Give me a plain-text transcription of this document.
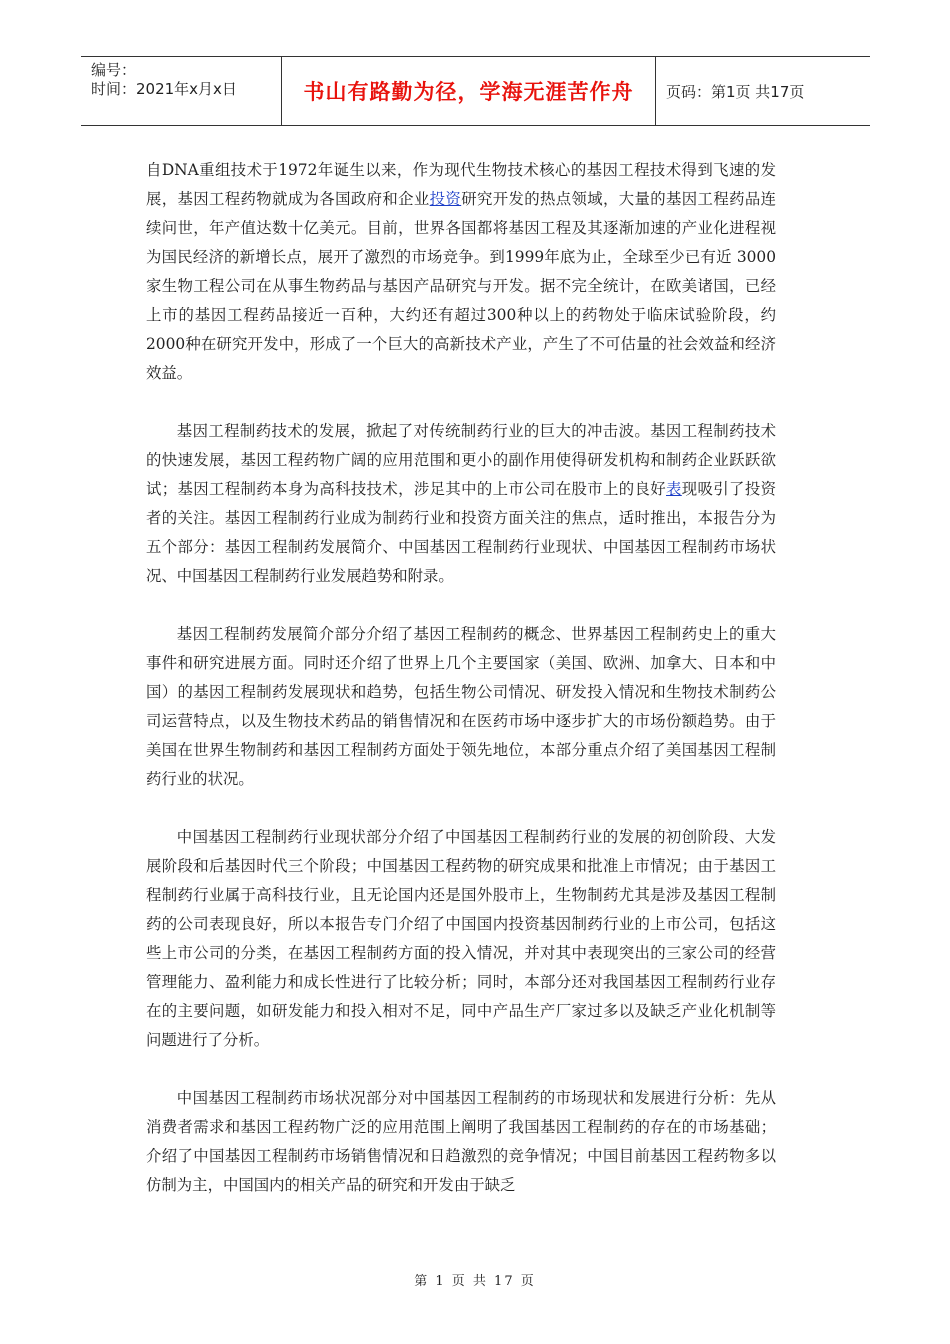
编号：
时间：2021年x月x日	书山有路勤为径，学海无涯苦作舟	页码：第1页 共17页

自DNA重组技术于1972年诞生以来，作为现代生物技术核心的基因工程技术得到飞速的发展，基因工程药物就成为各国政府和企业投资研究开发的热点领域，大量的基因工程药品连续问世，年产值达数十亿美元。目前，世界各国都将基因工程及其逐渐加速的产业化进程视为国民经济的新增长点，展开了激烈的市场竞争。到1999年底为止，全球至少已有近 3000家生物工程公司在从事生物药品与基因产品研究与开发。据不完全统计，在欧美诸国，已经上市的基因工程药品接近一百种，大约还有超过300种以上的药物处于临床试验阶段，约2000种在研究开发中，形成了一个巨大的高新技术产业，产生了不可估量的社会效益和经济效益。

基因工程制药技术的发展，掀起了对传统制药行业的巨大的冲击波。基因工程制药技术的快速发展，基因工程药物广阔的应用范围和更小的副作用使得研发机构和制药企业跃跃欲试；基因工程制药本身为高科技技术，涉足其中的上市公司在股市上的良好表现吸引了投资者的关注。基因工程制药行业成为制药行业和投资方面关注的焦点，适时推出，本报告分为五个部分：基因工程制药发展简介、中国基因工程制药行业现状、中国基因工程制药市场状况、中国基因工程制药行业发展趋势和附录。

基因工程制药发展简介部分介绍了基因工程制药的概念、世界基因工程制药史上的重大事件和研究进展方面。同时还介绍了世界上几个主要国家（美国、欧洲、加拿大、日本和中国）的基因工程制药发展现状和趋势，包括生物公司情况、研发投入情况和生物技术制药公司运营特点，以及生物技术药品的销售情况和在医药市场中逐步扩大的市场份额趋势。由于美国在世界生物制药和基因工程制药方面处于领先地位，本部分重点介绍了美国基因工程制药行业的状况。

中国基因工程制药行业现状部分介绍了中国基因工程制药行业的发展的初创阶段、大发展阶段和后基因时代三个阶段；中国基因工程药物的研究成果和批准上市情况；由于基因工程制药行业属于高科技行业，且无论国内还是国外股市上，生物制药尤其是涉及基因工程制药的公司表现良好，所以本报告专门介绍了中国国内投资基因制药行业的上市公司，包括这些上市公司的分类，在基因工程制药方面的投入情况，并对其中表现突出的三家公司的经营管理能力、盈利能力和成长性进行了比较分析；同时，本部分还对我国基因工程制药行业存在的主要问题，如研发能力和投入相对不足，同中产品生产厂家过多以及缺乏产业化机制等问题进行了分析。

中国基因工程制药市场状况部分对中国基因工程制药的市场现状和发展进行分析：先从消费者需求和基因工程药物广泛的应用范围上阐明了我国基因工程制药的存在的市场基础；介绍了中国基因工程制药市场销售情况和日趋激烈的竞争情况；中国目前基因工程药物多以仿制为主，中国国内的相关产品的研究和开发由于缺乏

第 1 页 共 17 页
